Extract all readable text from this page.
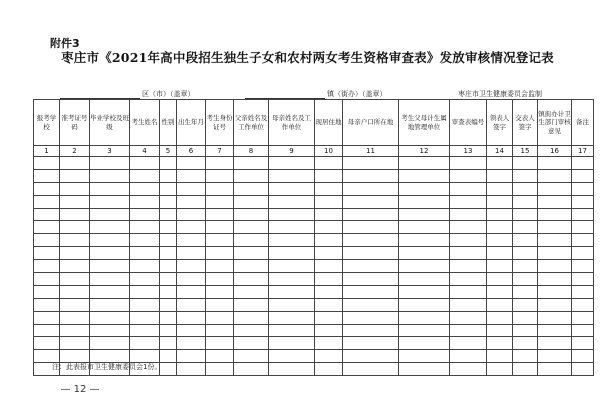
附件3
枣庄市《2021年高中段招生独生子女和农村两女考生资格审查表》发放审核情况登记表
区（市）（盖章）	镇（街办）（盖章）	枣庄市卫生健康委员会监制
报考学校	准考证号码	毕业学校及班级	考生姓名	性别	出生年月	考生身份证号	父亲姓名及工作单位	母亲姓名及工作单位	现居住地	母亲户口所在地	考生父母计生属地管理单位	审查表编号	领表人签字	交表人签字	镇街办计卫生部门审核意见	备注
1	2	3	4	5	6	7	8	9	10	11	12	13	14	15	16	17

注：此表报市卫生健康委员会1份。
— 12 —
